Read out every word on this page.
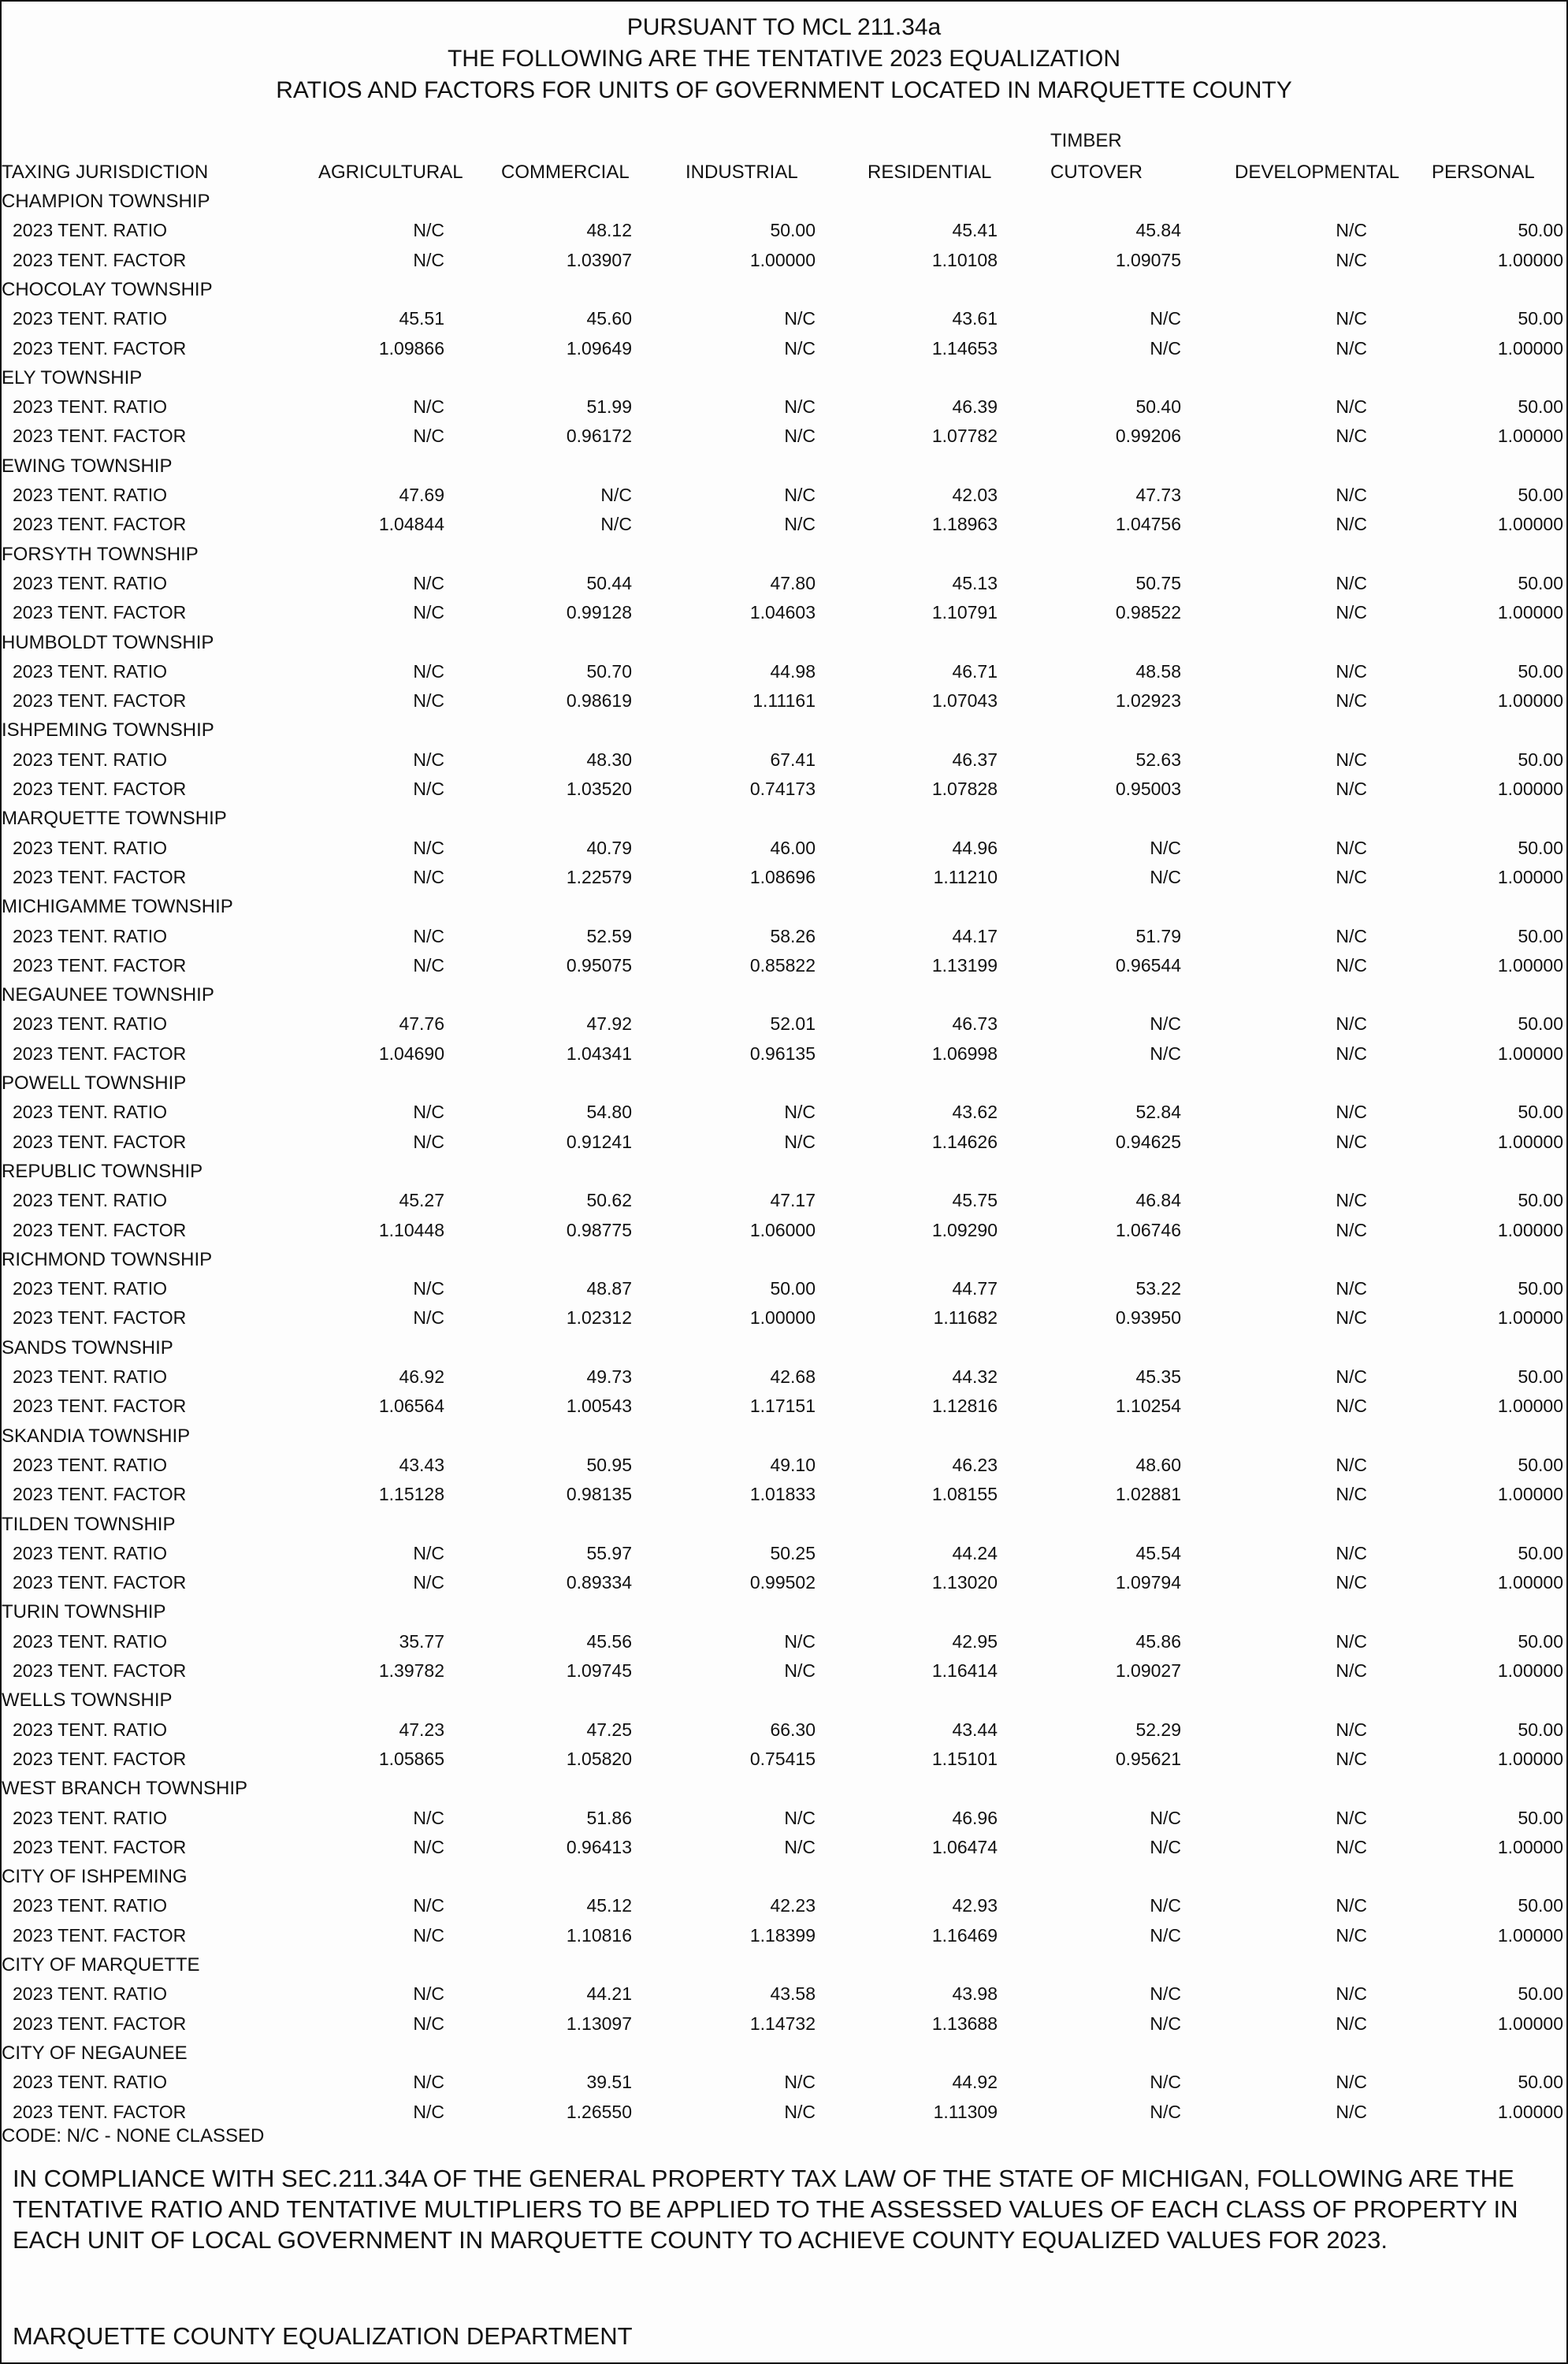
PURSUANT TO MCL 211.34a
THE FOLLOWING ARE THE TENTATIVE 2023 EQUALIZATION
RATIOS AND FACTORS FOR UNITS OF GOVERNMENT LOCATED IN MARQUETTE COUNTY
TAXING JURISDICTION	AGRICULTURAL COMMERCIAL	INDUSTRIAL	RESIDENTIAL
TIMBER
CUTOVER	DEVELOPMENTAL PERSONAL
CHAMPION TOWNSHIP
2023 TENT. RATIO	N/C	48.12	50.00	45.41	45.84	N/C	50.00
2023 TENT. FACTOR	N/C	1.03907	1.00000	1.10108	1.09075	N/C	1.00000
CHOCOLAY TOWNSHIP
2023 TENT. RATIO	45.51	45.60	N/C	43.61	N/C	N/C	50.00
2023 TENT. FACTOR	1.09866	1.09649	N/C	1.14653	N/C	N/C	1.00000
ELY TOWNSHIP
2023 TENT. RATIO	N/C	51.99	N/C	46.39	50.40	N/C	50.00
2023 TENT. FACTOR	N/C	0.96172	N/C	1.07782	0.99206	N/C	1.00000
EWING TOWNSHIP
2023 TENT. RATIO	47.69	N/C	N/C	42.03	47.73	N/C	50.00
2023 TENT. FACTOR	1.04844	N/C	N/C	1.18963	1.04756	N/C	1.00000
FORSYTH TOWNSHIP
2023 TENT. RATIO	N/C	50.44	47.80	45.13	50.75	N/C	50.00
2023 TENT. FACTOR	N/C	0.99128	1.04603	1.10791	0.98522	N/C	1.00000
HUMBOLDT TOWNSHIP
2023 TENT. RATIO	N/C	50.70	44.98	46.71	48.58	N/C	50.00
2023 TENT. FACTOR	N/C	0.98619	1.11161	1.07043	1.02923	N/C	1.00000
ISHPEMING TOWNSHIP
2023 TENT. RATIO	N/C	48.30	67.41	46.37	52.63	N/C	50.00
2023 TENT. FACTOR	N/C	1.03520	0.74173	1.07828	0.95003	N/C	1.00000
MARQUETTE TOWNSHIP
2023 TENT. RATIO	N/C	40.79	46.00	44.96	N/C	N/C	50.00
2023 TENT. FACTOR	N/C	1.22579	1.08696	1.11210	N/C	N/C	1.00000
MICHIGAMME TOWNSHIP
2023 TENT. RATIO	N/C	52.59	58.26	44.17	51.79	N/C	50.00
2023 TENT. FACTOR	N/C	0.95075	0.85822	1.13199	0.96544	N/C	1.00000
NEGAUNEE TOWNSHIP
2023 TENT. RATIO	47.76	47.92	52.01	46.73	N/C	N/C	50.00
2023 TENT. FACTOR	1.04690	1.04341	0.96135	1.06998	N/C	N/C	1.00000
POWELL TOWNSHIP
2023 TENT. RATIO	N/C	54.80	N/C	43.62	52.84	N/C	50.00
2023 TENT. FACTOR	N/C	0.91241	N/C	1.14626	0.94625	N/C	1.00000
REPUBLIC TOWNSHIP
2023 TENT. RATIO	45.27	50.62	47.17	45.75	46.84	N/C	50.00
2023 TENT. FACTOR	1.10448	0.98775	1.06000	1.09290	1.06746	N/C	1.00000
RICHMOND TOWNSHIP
2023 TENT. RATIO	N/C	48.87	50.00	44.77	53.22	N/C	50.00
2023 TENT. FACTOR	N/C	1.02312	1.00000	1.11682	0.93950	N/C	1.00000
SANDS TOWNSHIP
2023 TENT. RATIO	46.92	49.73	42.68	44.32	45.35	N/C	50.00
2023 TENT. FACTOR	1.06564	1.00543	1.17151	1.12816	1.10254	N/C	1.00000
SKANDIA TOWNSHIP
2023 TENT. RATIO	43.43	50.95	49.10	46.23	48.60	N/C	50.00
2023 TENT. FACTOR	1.15128	0.98135	1.01833	1.08155	1.02881	N/C	1.00000
TILDEN TOWNSHIP
2023 TENT. RATIO	N/C	55.97	50.25	44.24	45.54	N/C	50.00
2023 TENT. FACTOR	N/C	0.89334	0.99502	1.13020	1.09794	N/C	1.00000
TURIN TOWNSHIP
2023 TENT. RATIO	35.77	45.56	N/C	42.95	45.86	N/C	50.00
2023 TENT. FACTOR	1.39782	1.09745	N/C	1.16414	1.09027	N/C	1.00000
WELLS TOWNSHIP
2023 TENT. RATIO	47.23	47.25	66.30	43.44	52.29	N/C	50.00
2023 TENT. FACTOR	1.05865	1.05820	0.75415	1.15101	0.95621	N/C	1.00000
WEST BRANCH TOWNSHIP
2023 TENT. RATIO	N/C	51.86	N/C	46.96	N/C	N/C	50.00
2023 TENT. FACTOR	N/C	0.96413	N/C	1.06474	N/C	N/C	1.00000
CITY OF ISHPEMING
2023 TENT. RATIO	N/C	45.12	42.23	42.93	N/C	N/C	50.00
2023 TENT. FACTOR	N/C	1.10816	1.18399	1.16469	N/C	N/C	1.00000
CITY OF MARQUETTE
2023 TENT. RATIO	N/C	44.21	43.58	43.98	N/C	N/C	50.00
2023 TENT. FACTOR	N/C	1.13097	1.14732	1.13688	N/C	N/C	1.00000
CITY OF NEGAUNEE
2023 TENT. RATIO	N/C	39.51	N/C	44.92	N/C	N/C	50.00
2023 TENT. FACTOR	N/C	1.26550	N/C	1.11309	N/C	N/C	1.00000
CODE: N/C - NONE CLASSED
IN COMPLIANCE WITH SEC.211.34A OF THE GENERAL PROPERTY TAX LAW OF THE STATE OF MICHIGAN, FOLLOWING ARE THE TENTATIVE RATIO AND TENTATIVE MULTIPLIERS TO BE APPLIED TO THE ASSESSED VALUES OF EACH CLASS OF PROPERTY IN EACH UNIT OF LOCAL GOVERNMENT IN MARQUETTE COUNTY TO ACHIEVE COUNTY EQUALIZED VALUES FOR 2023.
MARQUETTE COUNTY EQUALIZATION DEPARTMENT
